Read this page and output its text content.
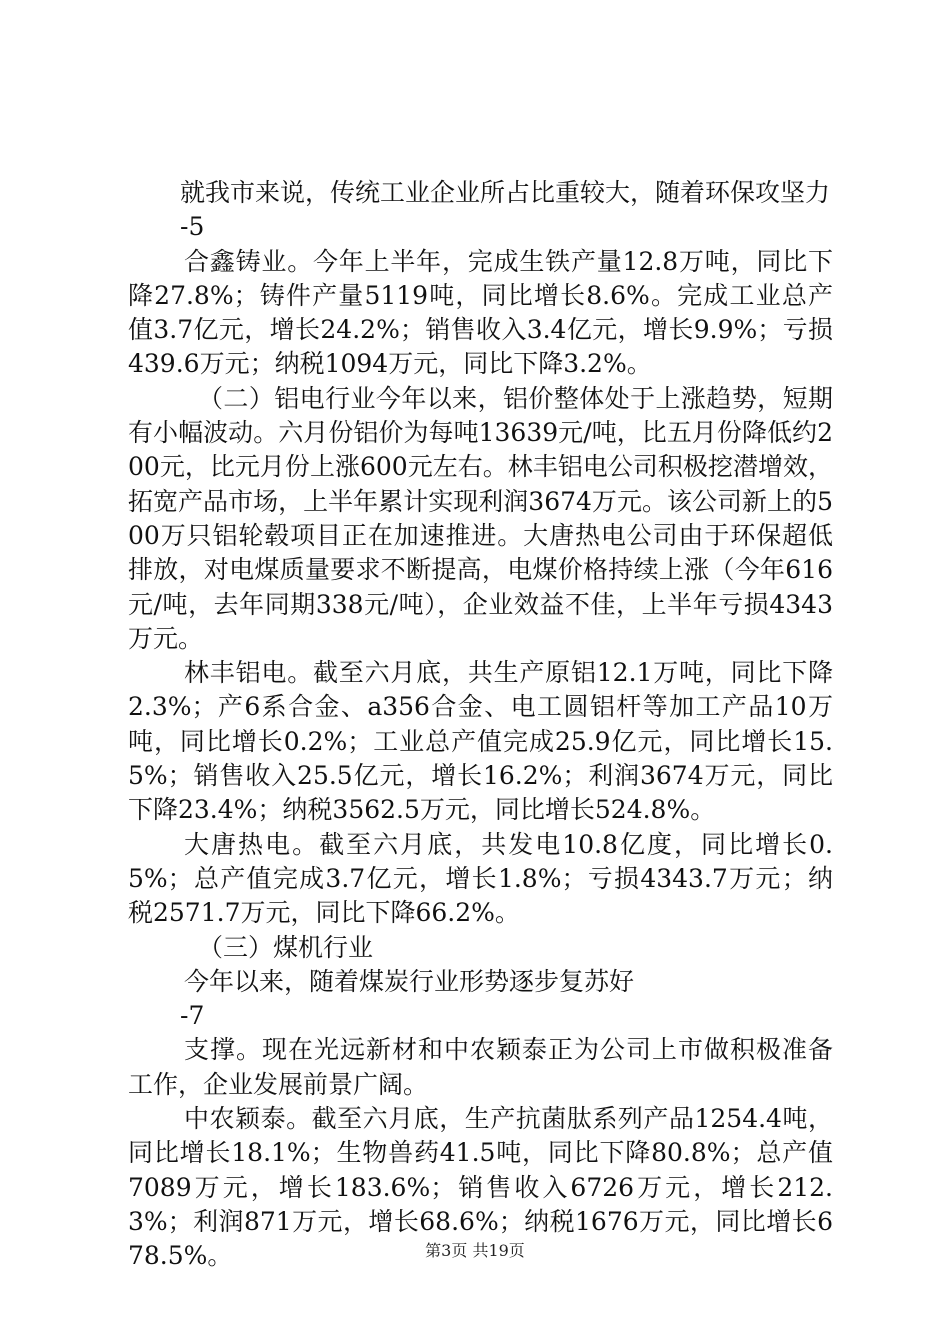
就我市来说，传统工业企业所占比重较大，随着环保攻坚力

-5

合鑫铸业。今年上半年，完成生铁产量12.8万吨，同比下降27.8%；铸件产量5119吨，同比增长8.6%。完成工业总产值3.7亿元，增长24.2%；销售收入3.4亿元，增长9.9%；亏损439.6万元；纳税1094万元，同比下降3.2%。

（二）铝电行业今年以来，铝价整体处于上涨趋势，短期有小幅波动。六月份铝价为每吨13639元/吨，比五月份降低约200元，比元月份上涨600元左右。林丰铝电公司积极挖潜增效，拓宽产品市场，上半年累计实现利润3674万元。该公司新上的500万只铝轮毂项目正在加速推进。大唐热电公司由于环保超低排放，对电煤质量要求不断提高，电煤价格持续上涨（今年616元/吨，去年同期338元/吨），企业效益不佳，上半年亏损4343万元。

林丰铝电。截至六月底，共生产原铝12.1万吨，同比下降2.3%；产6系合金、a356合金、电工圆铝杆等加工产品10万吨，同比增长0.2%；工业总产值完成25.9亿元，同比增长15.5%；销售收入25.5亿元，增长16.2%；利润3674万元，同比下降23.4%；纳税3562.5万元，同比增长524.8%。

大唐热电。截至六月底，共发电10.8亿度，同比增长0.5%；总产值完成3.7亿元，增长1.8%；亏损4343.7万元；纳税2571.7万元，同比下降66.2%。

（三）煤机行业

今年以来，随着煤炭行业形势逐步复苏好

-7

支撑。现在光远新材和中农颖泰正为公司上市做积极准备工作，企业发展前景广阔。

中农颖泰。截至六月底，生产抗菌肽系列产品1254.4吨，同比增长18.1%；生物兽药41.5吨，同比下降80.8%；总产值7089万元，增长183.6%；销售收入6726万元，增长212.3%；利润871万元，增长68.6%；纳税1676万元，同比增长678.5%。	第3页 共19页
